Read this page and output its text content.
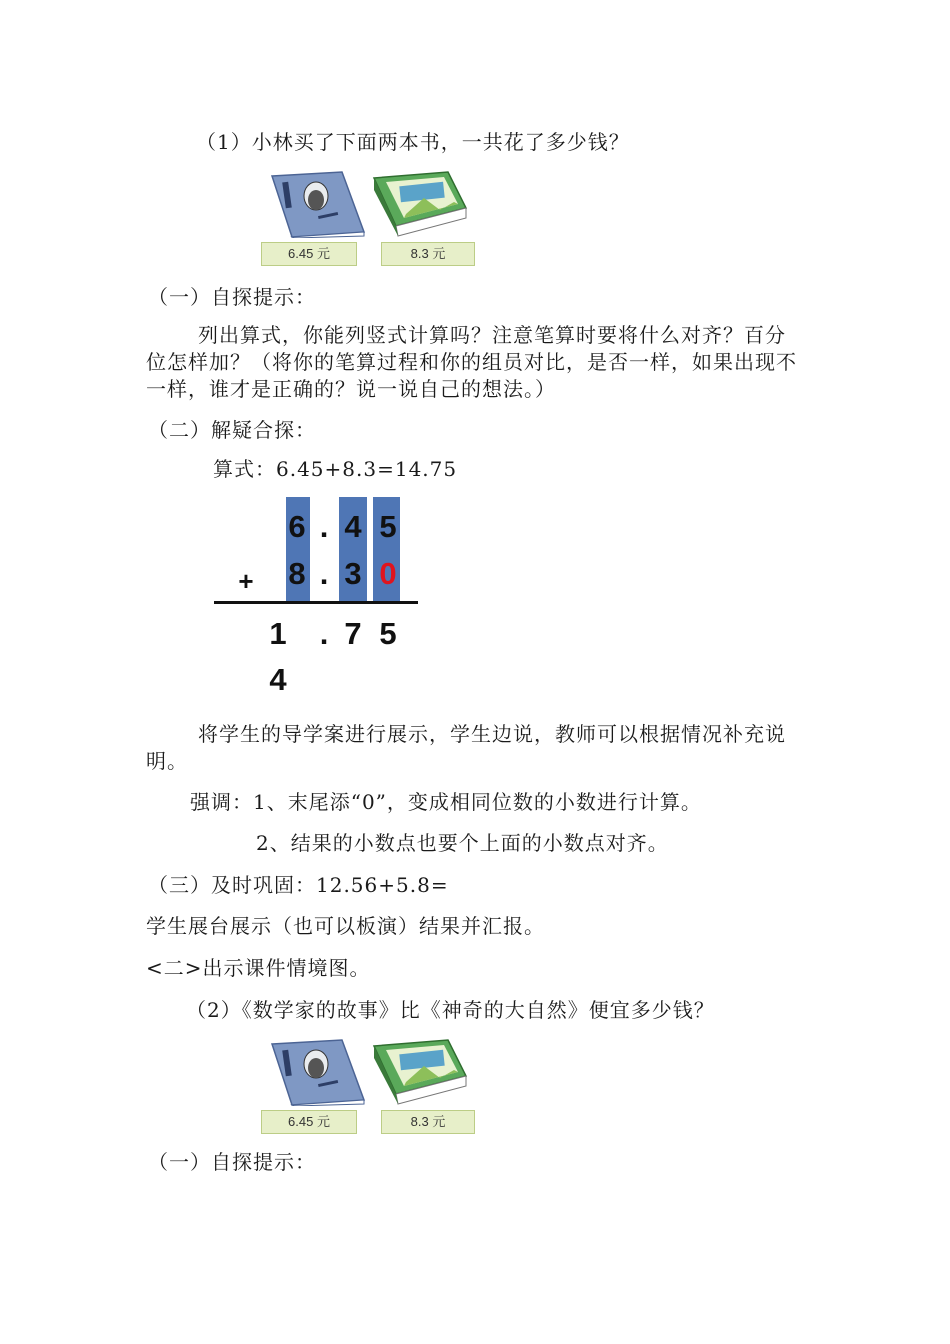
（1）小林买了下面两本书，一共花了多少钱？
6.45 元	8.3 元
（一）自探提示：
列出算式，你能列竖式计算吗？注意笔算时要将什么对齐？百分位怎样加？（将你的笔算过程和你的组员对比，是否一样，如果出现不一样，谁才是正确的？说一说自己的想法。）
（二）解疑合探：
算式：6.45+8.3=14.75
6 . 4 5
+ 8 . 3 0
1
4
. 7 5
将学生的导学案进行展示，学生边说，教师可以根据情况补充说明。
强调：1、末尾添“0”，变成相同位数的小数进行计算。
2、结果的小数点也要个上面的小数点对齐。
（三）及时巩固：12.56+5.8=
学生展台展示（也可以板演）结果并汇报。
<二>出示课件情境图。
（2）《数学家的故事》比《神奇的大自然》便宜多少钱？
6.45 元	8.3 元
（一）自探提示：
